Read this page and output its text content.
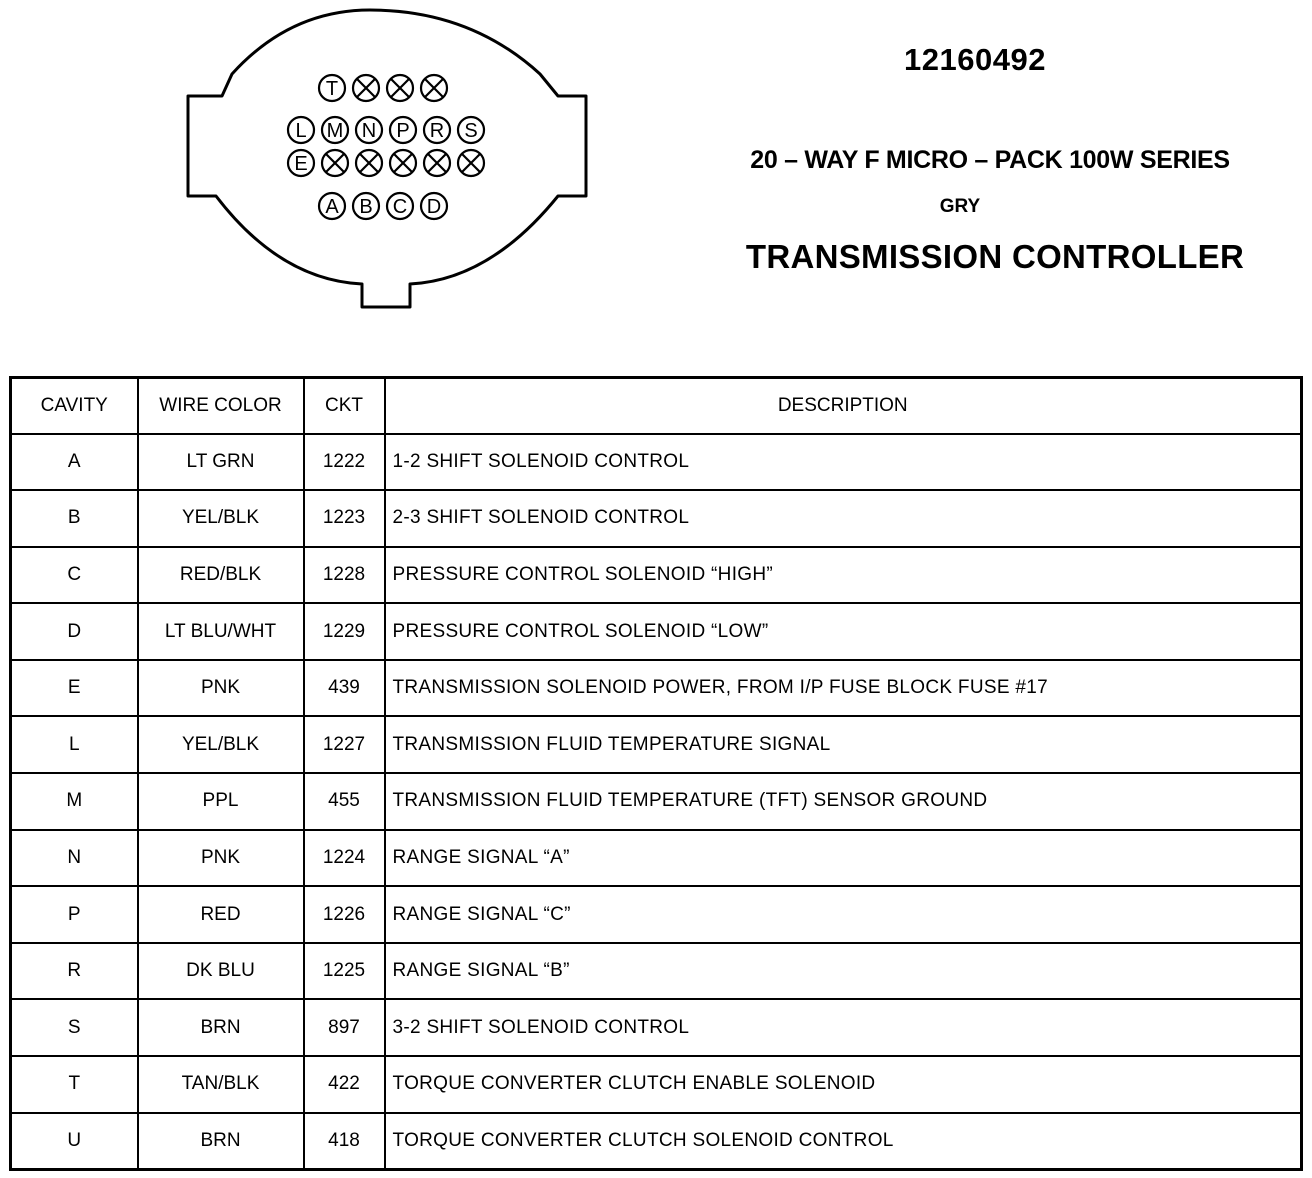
T
L M N P R S
E
A B C D
12160492
20 – WAY F MICRO – PACK 100W SERIES
GRY
TRANSMISSION CONTROLLER
CAVITY	WIRE COLOR	CKT	DESCRIPTION
A	LT GRN	1222	1-2 SHIFT SOLENOID CONTROL
B	YEL/BLK	1223	2-3 SHIFT SOLENOID CONTROL
C	RED/BLK	1228	PRESSURE CONTROL SOLENOID “HIGH”
D	LT BLU/WHT	1229	PRESSURE CONTROL SOLENOID “LOW”
E	PNK	439	TRANSMISSION SOLENOID POWER, FROM I/P FUSE BLOCK FUSE #17
L	YEL/BLK	1227	TRANSMISSION FLUID TEMPERATURE SIGNAL
M	PPL	455	TRANSMISSION FLUID TEMPERATURE (TFT) SENSOR GROUND
N	PNK	1224	RANGE SIGNAL “A”
P	RED	1226	RANGE SIGNAL “C”
R	DK BLU	1225	RANGE SIGNAL “B”
S	BRN	897	3-2 SHIFT SOLENOID CONTROL
T	TAN/BLK	422	TORQUE CONVERTER CLUTCH ENABLE SOLENOID
U	BRN	418	TORQUE CONVERTER CLUTCH SOLENOID CONTROL
